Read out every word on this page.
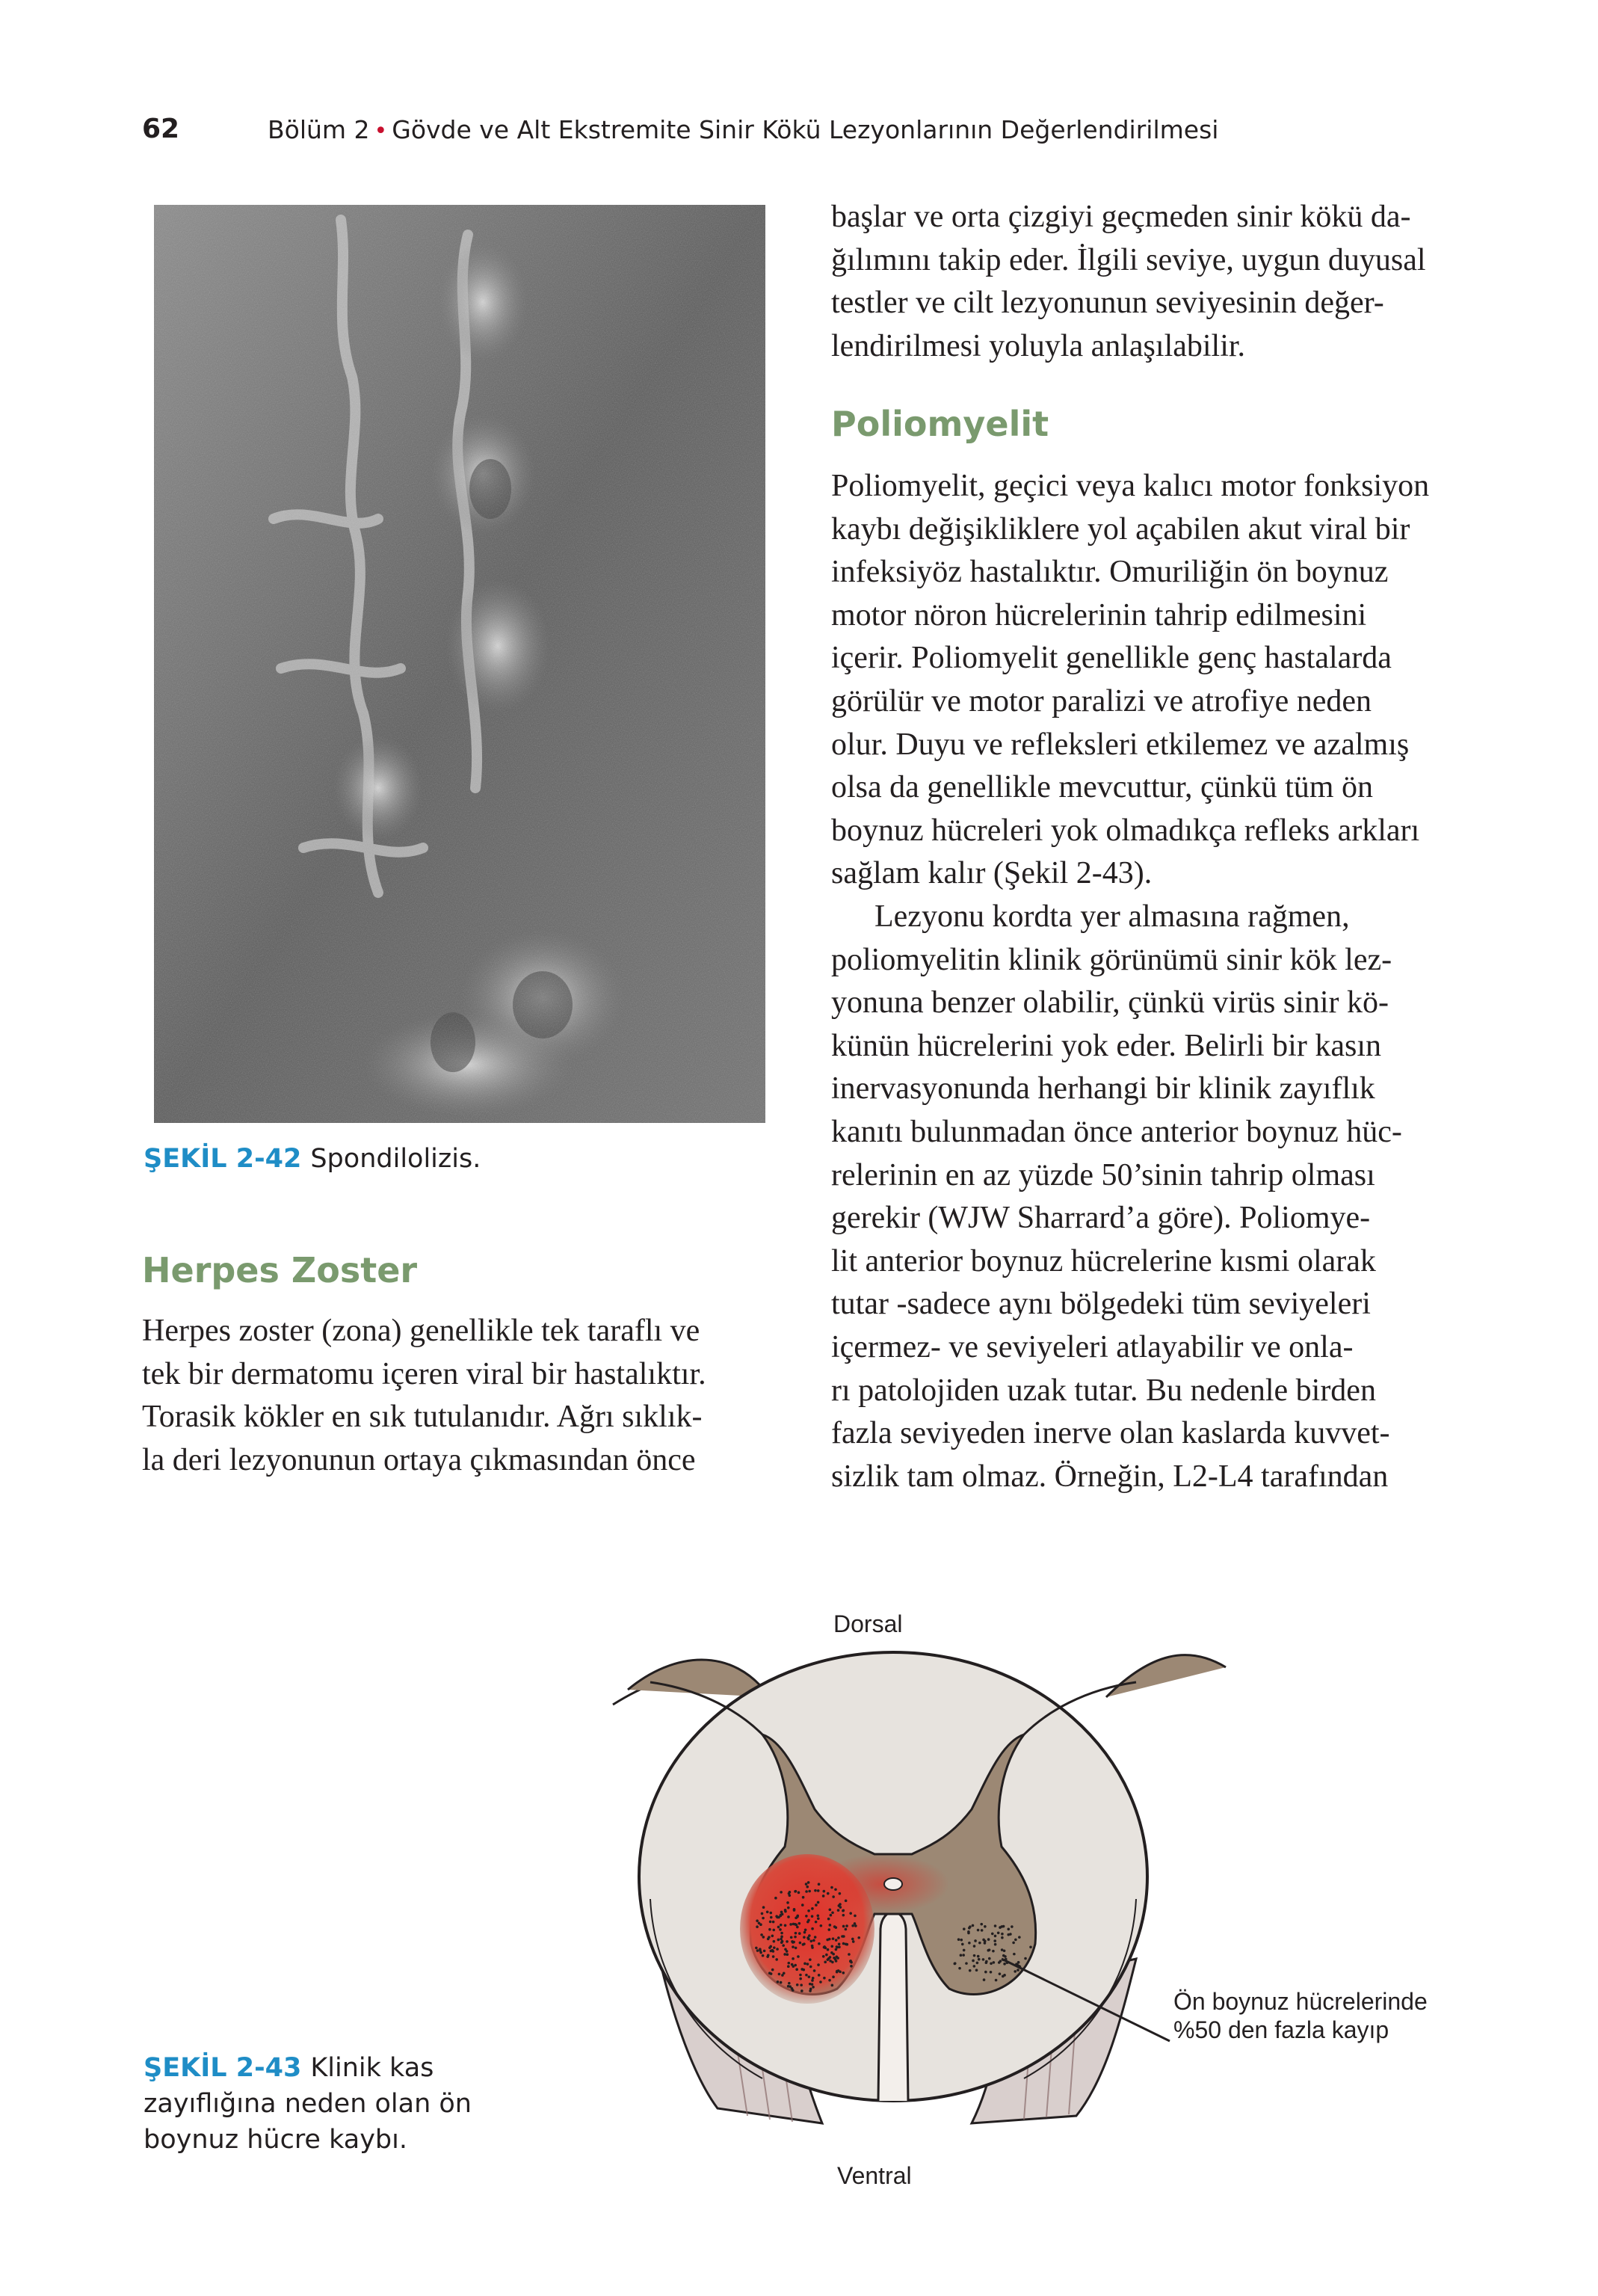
62	Bölüm 2 • Gövde ve Alt Ekstremite Sinir Kökü Lezyonlarının Değerlendirilmesi
ŞEKİL 2-42 Spondilolizis.
Herpes Zoster
Herpes zoster (zona) genellikle tek taraflı ve
tek bir dermatomu içeren viral bir hastalıktır.
Torasik kökler en sık tutulanıdır. Ağrı sıklık-
la deri lezyonunun ortaya çıkmasından önce
başlar ve orta çizgiyi geçmeden sinir kökü da-
ğılımını takip eder. İlgili seviye, uygun duyusal
testler ve cilt lezyonunun seviyesinin değer-
lendirilmesi yoluyla anlaşılabilir.
Poliomyelit
Poliomyelit, geçici veya kalıcı motor fonksiyon
kaybı değişikliklere yol açabilen akut viral bir
infeksiyöz hastalıktır. Omuriliğin ön boynuz
motor nöron hücrelerinin tahrip edilmesini
içerir. Poliomyelit genellikle genç hastalarda
görülür ve motor paralizi ve atrofiye neden
olur. Duyu ve refleksleri etkilemez ve azalmış
olsa da genellikle mevcuttur, çünkü tüm ön
boynuz hücreleri yok olmadıkça refleks arkları
sağlam kalır (Şekil 2-43).
Lezyonu kordta yer almasına rağmen,
poliomyelitin klinik görünümü sinir kök lez-
yonuna benzer olabilir, çünkü virüs sinir kö-
künün hücrelerini yok eder. Belirli bir kasın
inervasyonunda herhangi bir klinik zayıflık
kanıtı bulunmadan önce anterior boynuz hüc-
relerinin en az yüzde 50’sinin tahrip olması
gerekir (WJW Sharrard’a göre). Poliomye-
lit anterior boynuz hücrelerine kısmi olarak
tutar -sadece aynı bölgedeki tüm seviyeleri
içermez- ve seviyeleri atlayabilir ve onla-
rı patolojiden uzak tutar. Bu nedenle birden
fazla seviyeden inerve olan kaslarda kuvvet-
sizlik tam olmaz. Örneğin, L2-L4 tarafından
Dorsal
Ventral
Ön boynuz hücrelerinde
%50 den fazla kayıp
ŞEKİL 2-43 Klinik kas
zayıflığına neden olan ön
boynuz hücre kaybı.
